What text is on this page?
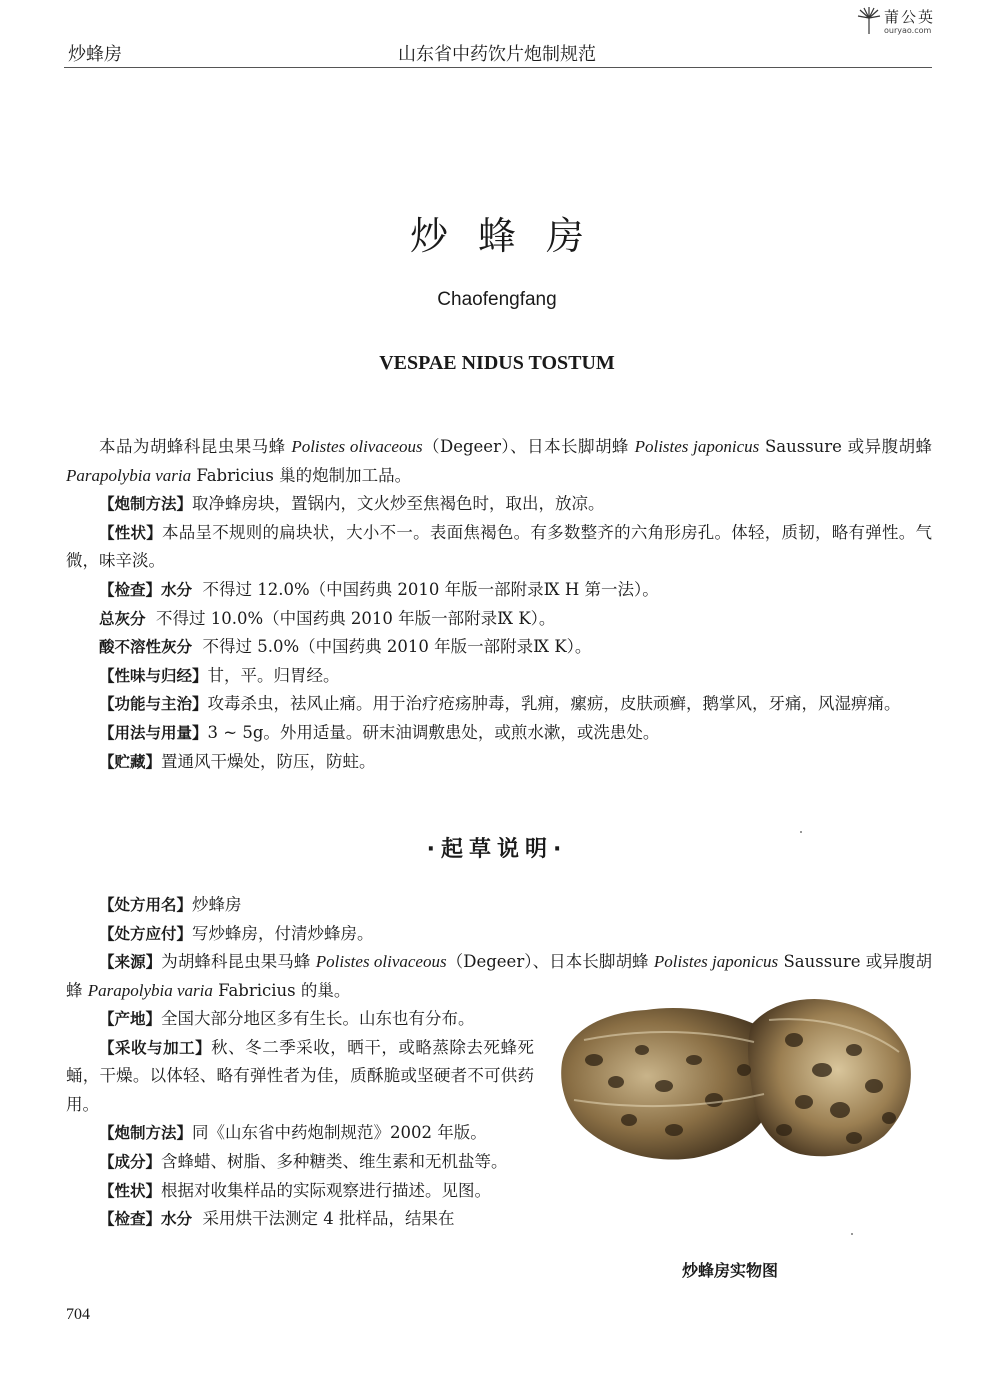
炒蜂房	山东省中药饮片炮制规范
莆公英
ouryao.com
炒蜂房
Chaofengfang
VESPAE NIDUS TOSTUM
本品为胡蜂科昆虫果马蜂 Polistes olivaceous（Degeer）、日本长脚胡蜂 Polistes japonicus Saussure 或异腹胡蜂 Parapolybia varia Fabricius 巢的炮制加工品。
【炮制方法】取净蜂房块，置锅内，文火炒至焦褐色时，取出，放凉。
【性状】本品呈不规则的扁块状，大小不一。表面焦褐色。有多数整齐的六角形房孔。体轻，质韧，略有弹性。气微，味辛淡。
【检查】水分 不得过 12.0%（中国药典 2010 年版一部附录Ⅸ H 第一法）。
总灰分 不得过 10.0%（中国药典 2010 年版一部附录Ⅸ K）。
酸不溶性灰分 不得过 5.0%（中国药典 2010 年版一部附录Ⅸ K）。
【性味与归经】甘，平。归胃经。
【功能与主治】攻毒杀虫，祛风止痛。用于治疗疮疡肿毒，乳痈，瘰疬，皮肤顽癣，鹅掌风，牙痛，风湿痹痛。
【用法与用量】3 ~ 5g。外用适量。研末油调敷患处，或煎水漱，或洗患处。
【贮藏】置通风干燥处，防压，防蛀。
·起草说明·
【处方用名】炒蜂房
【处方应付】写炒蜂房，付清炒蜂房。
【来源】为胡蜂科昆虫果马蜂 Polistes olivaceous（Degeer）、日本长脚胡蜂 Polistes japonicus Saussure 或异腹胡蜂 Parapolybia varia Fabricius 的巢。
【产地】全国大部分地区多有生长。山东也有分布。
【采收与加工】秋、冬二季采收，晒干，或略蒸除去死蜂死蛹，干燥。以体轻、略有弹性者为佳，质酥脆或坚硬者不可供药用。
【炮制方法】同《山东省中药炮制规范》2002 年版。
【成分】含蜂蜡、树脂、多种糖类、维生素和无机盐等。
【性状】根据对收集样品的实际观察进行描述。见图。
【检查】水分 采用烘干法测定 4 批样品，结果在
炒蜂房实物图
704
